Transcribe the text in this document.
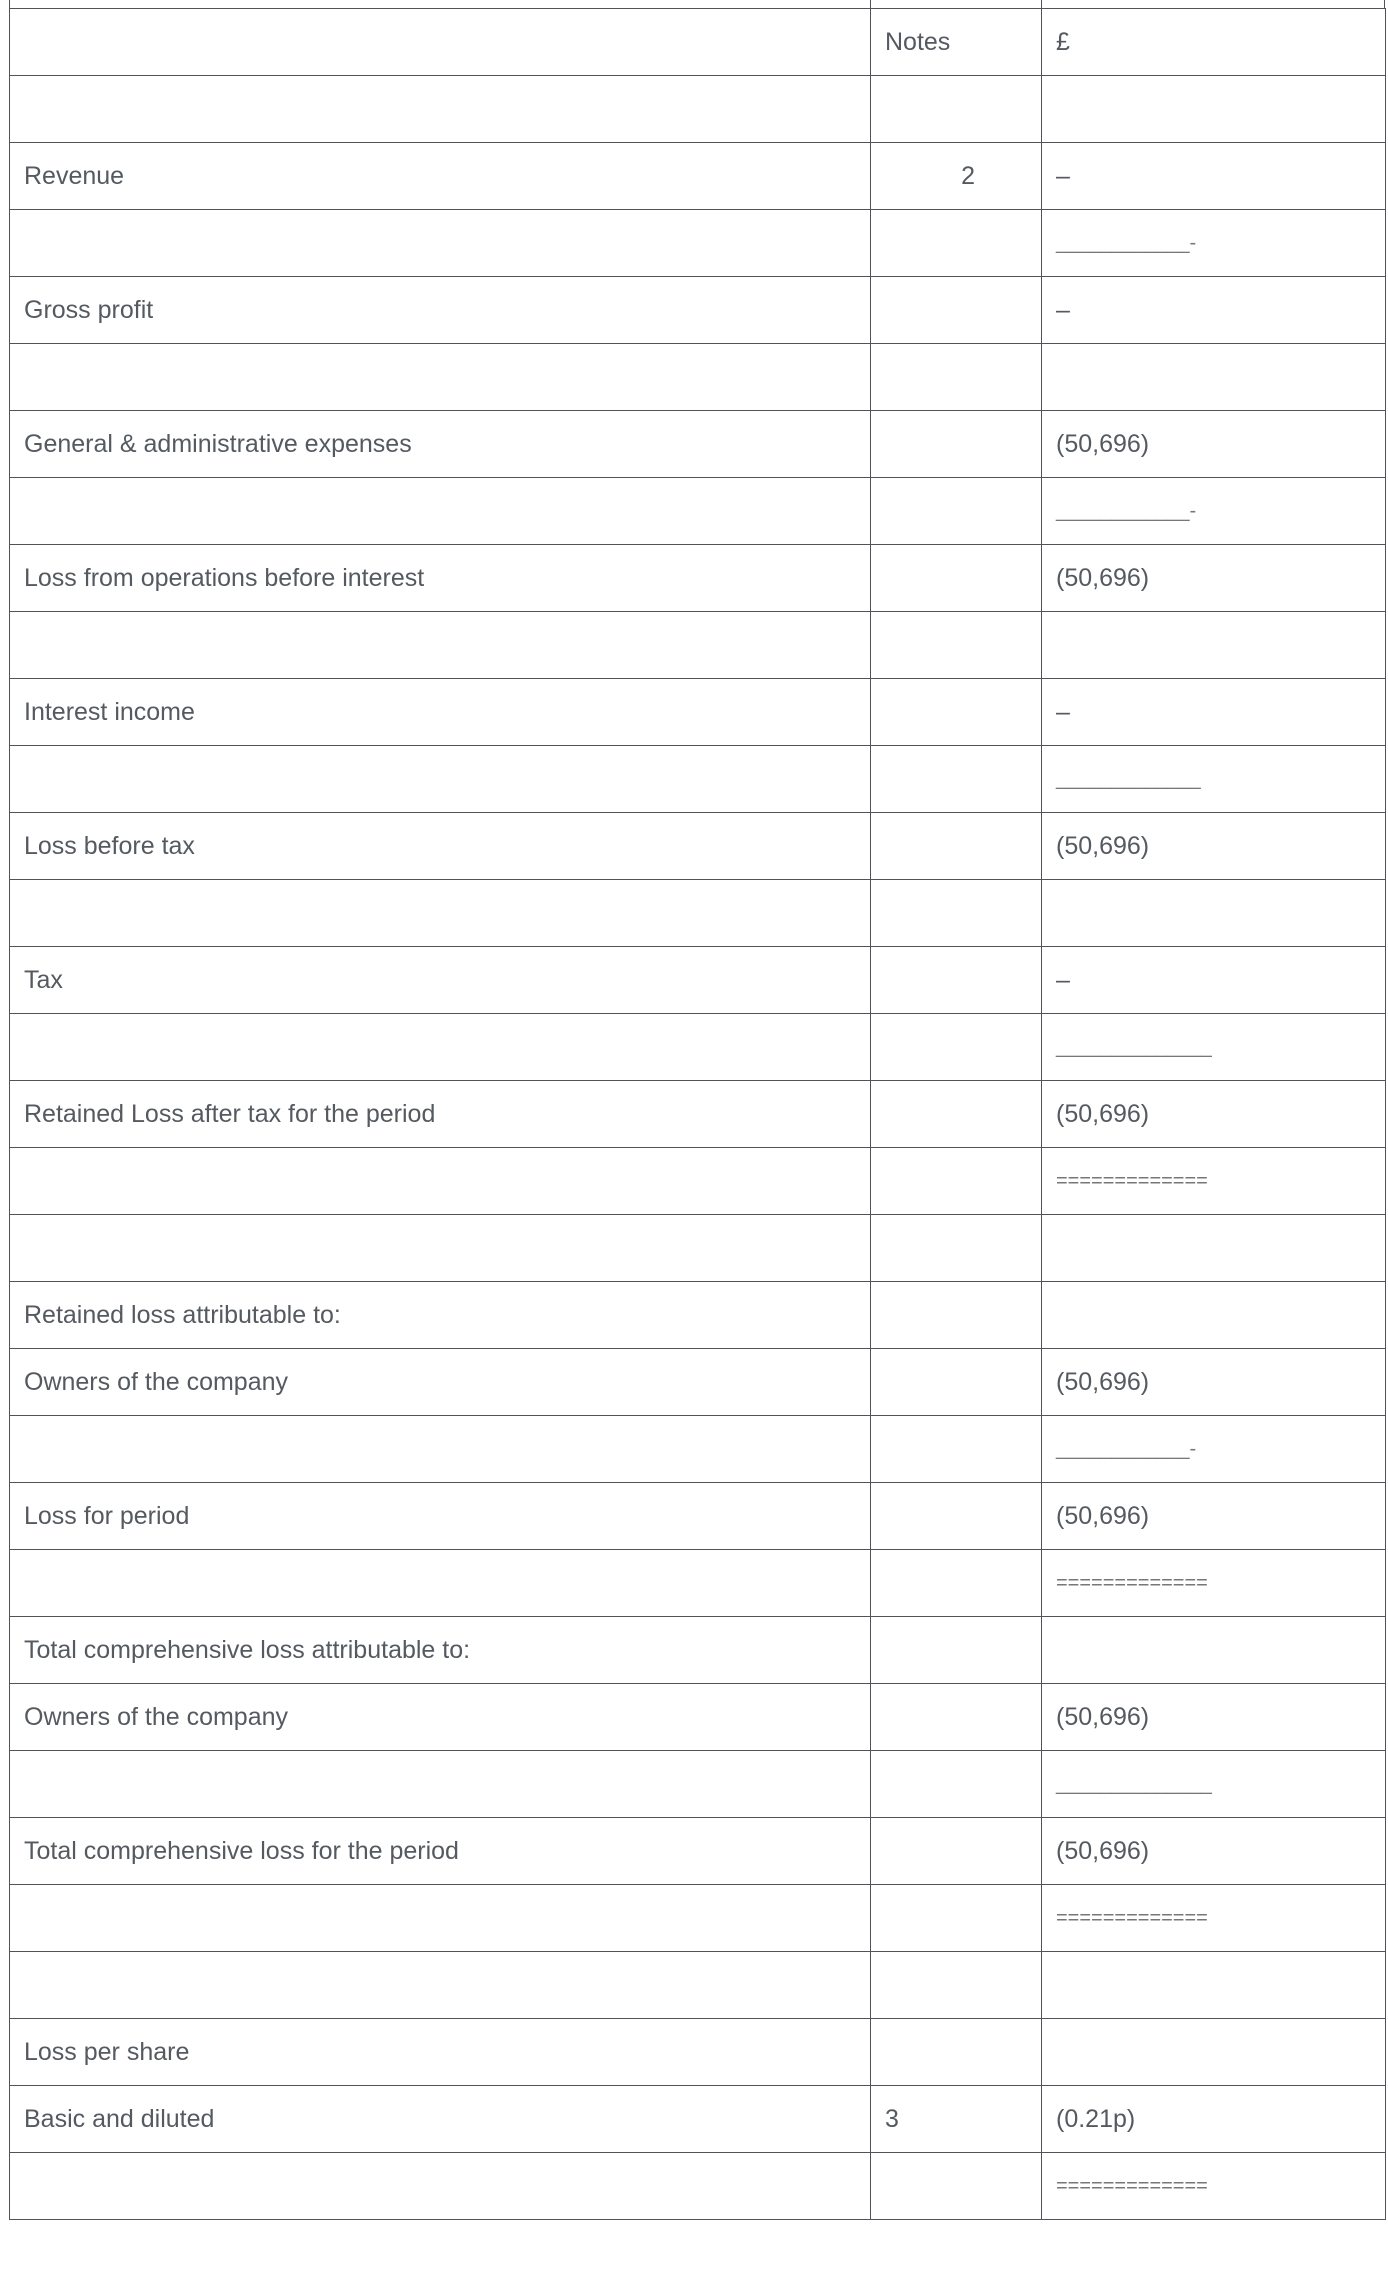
	Notes	£

Revenue	2	–
		____________-
Gross profit		–

General & administrative expenses		(50,696)
		____________-
Loss from operations before interest		(50,696)

Interest income		–
		_____________
Loss before tax		(50,696)

Tax		–
		______________
Retained Loss after tax for the period		(50,696)
		=============

Retained loss attributable to:		
Owners of the company		(50,696)
		____________-
Loss for period		(50,696)
		=============
Total comprehensive loss attributable to:		
Owners of the company		(50,696)
		______________
Total comprehensive loss for the period		(50,696)
		=============

Loss per share		
Basic and diluted	3	(0.21p)
		=============
